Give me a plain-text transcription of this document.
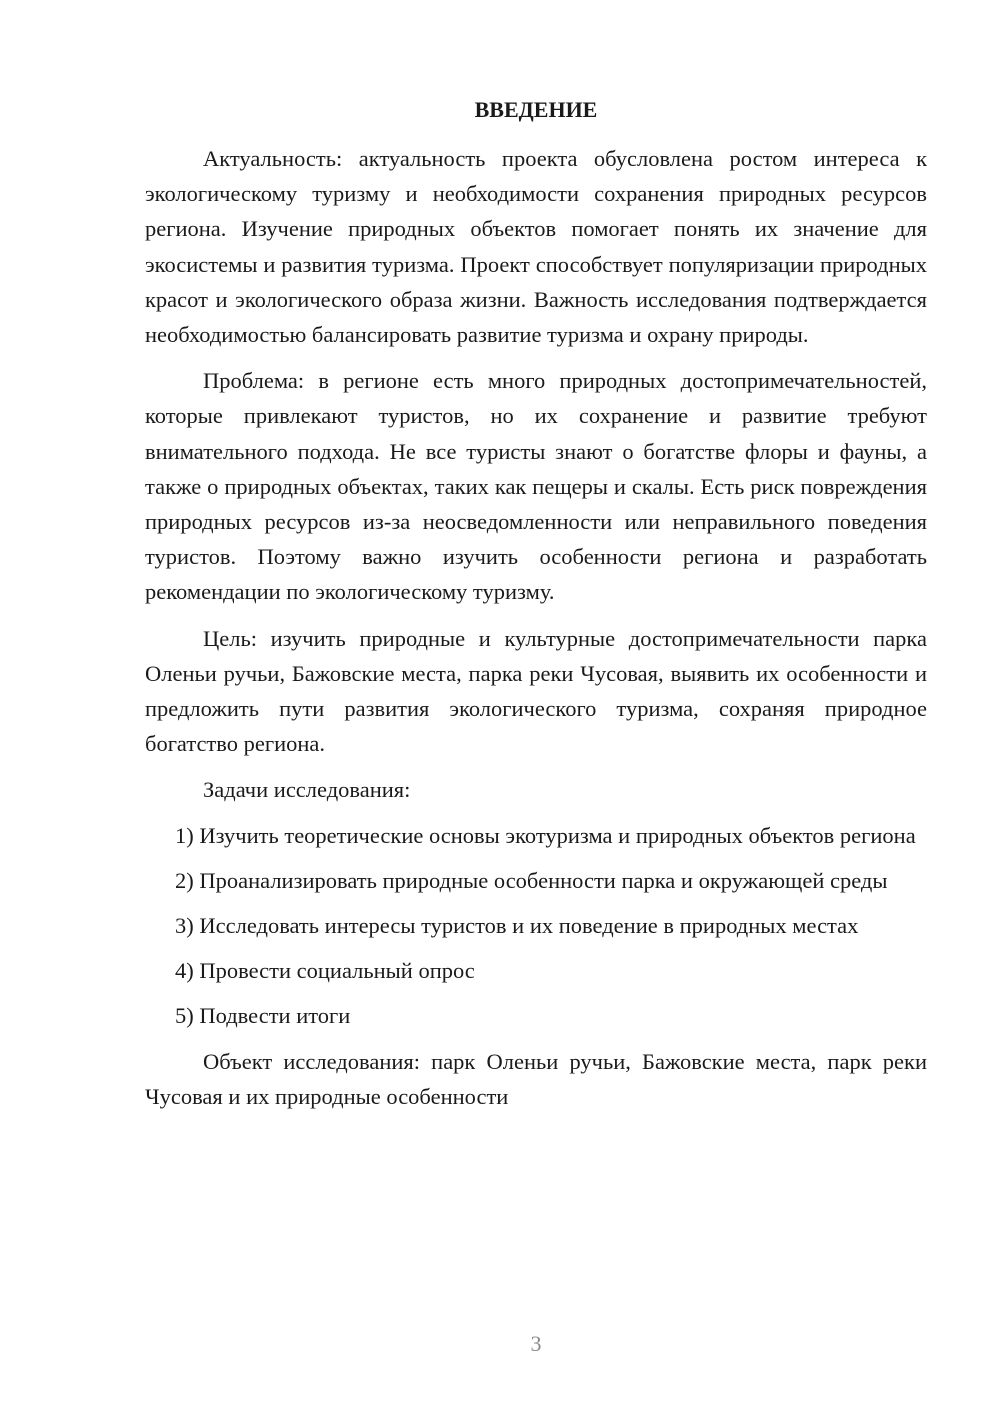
ВВЕДЕНИЕ

Актуальность: актуальность проекта обусловлена ростом интереса к экологическому туризму и необходимости сохранения природных ресурсов региона. Изучение природных объектов помогает понять их значение для экосистемы и развития туризма. Проект способствует популяризации природных красот и экологического образа жизни. Важность исследования подтверждается необходимостью балансировать развитие туризма и охрану природы.

Проблема: в регионе есть много природных достопримечательностей, которые привлекают туристов, но их сохранение и развитие требуют внимательного подхода. Не все туристы знают о богатстве флоры и фауны, а также о природных объектах, таких как пещеры и скалы. Есть риск повреждения природных ресурсов из-за неосведомленности или неправильного поведения туристов. Поэтому важно изучить особенности региона и разработать рекомендации по экологическому туризму.

Цель: изучить природные и культурные достопримечательности парка Оленьи ручьи, Бажовские места, парка реки Чусовая, выявить их особенности и предложить пути развития экологического туризма, сохраняя природное богатство региона.

Задачи исследования:

1) Изучить теоретические основы экотуризма и природных объектов региона

2) Проанализировать природные особенности парка и окружающей среды

3) Исследовать интересы туристов и их поведение в природных местах

4) Провести социальный опрос

5) Подвести итоги

Объект исследования: парк Оленьи ручьи, Бажовские места, парк реки Чусовая и их природные особенности

3
